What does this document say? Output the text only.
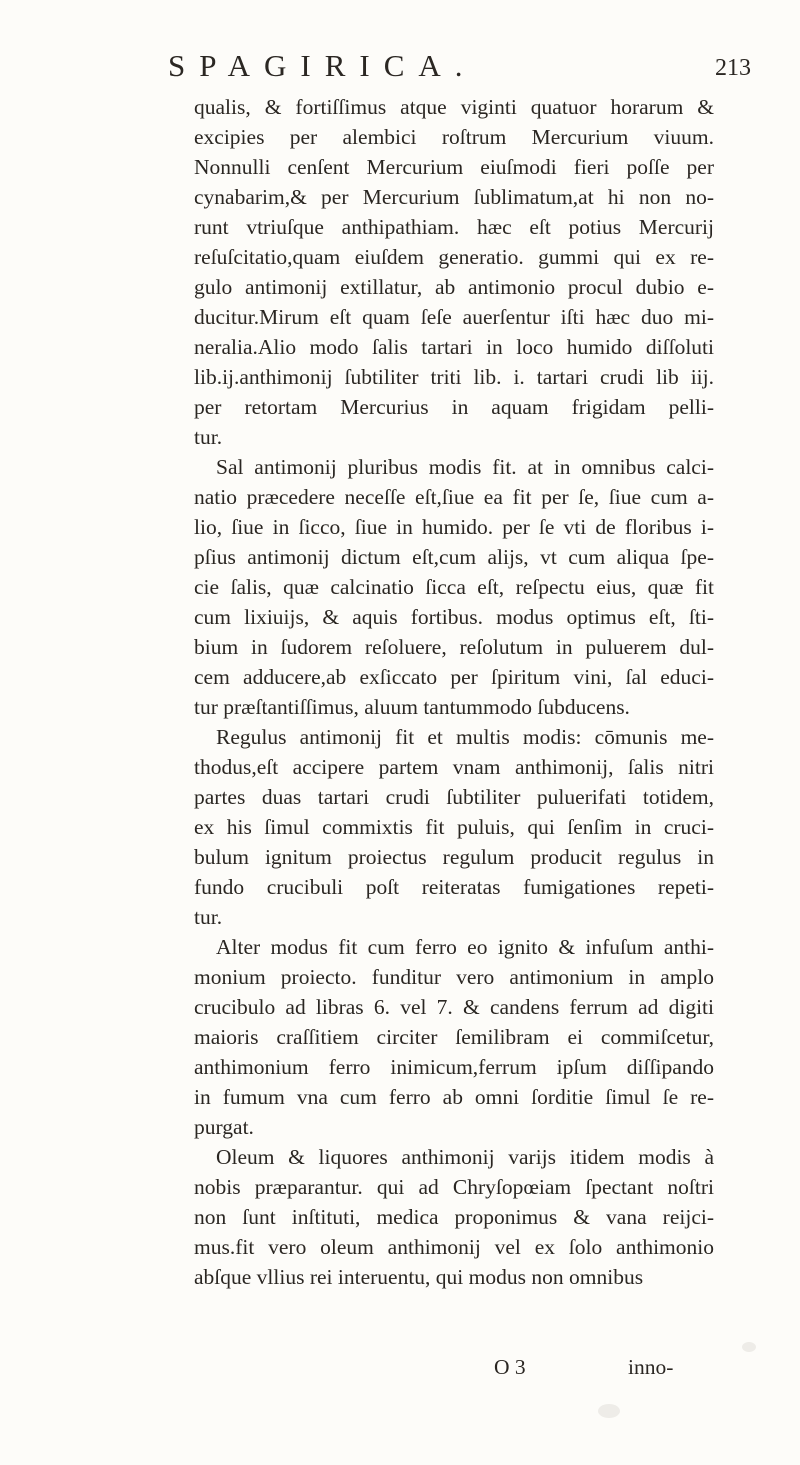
SPAGIRICA.	213
qualis, & fortiſſimus atque viginti quatuor horarum &
excipies per alembici roſtrum Mercurium viuum.
Nonnulli cenſent Mercurium eiuſmodi fieri poſſe per
cynabarim,& per Mercurium ſublimatum,at hi non no-
runt vtriuſque anthipathiam. hæc eſt potius Mercurij
reſuſcitatio,quam eiuſdem generatio. gummi qui ex re-
gulo antimonij extillatur, ab antimonio procul dubio e-
ducitur.Mirum eſt quam ſeſe auerſentur iſti hæc duo mi-
neralia.Alio modo ſalis tartari in loco humido diſſoluti
lib.ij.anthimonij ſubtiliter triti lib. i. tartari crudi lib iij.
per retortam Mercurius in aquam frigidam pelli-
tur.
Sal antimonij pluribus modis fit. at in omnibus calci-
natio præcedere neceſſe eſt,ſiue ea fit per ſe, ſiue cum a-
lio, ſiue in ſicco, ſiue in humido. per ſe vti de floribus i-
pſius antimonij dictum eſt,cum alijs, vt cum aliqua ſpe-
cie ſalis, quæ calcinatio ſicca eſt, reſpectu eius, quæ fit
cum lixiuijs, & aquis fortibus. modus optimus eſt, ſti-
bium in ſudorem reſoluere, reſolutum in puluerem dul-
cem adducere,ab exſiccato per ſpiritum vini, ſal educi-
tur præſtantiſſimus, aluum tantummodo ſubducens.
Regulus antimonij fit et multis modis: cōmunis me-
thodus,eſt accipere partem vnam anthimonij, ſalis nitri
partes duas tartari crudi ſubtiliter puluerifati totidem,
ex his ſimul commixtis fit puluis, qui ſenſim in cruci-
bulum ignitum proiectus regulum producit regulus in
fundo crucibuli poſt reiteratas fumigationes repeti-
tur.
Alter modus fit cum ferro eo ignito & infuſum anthi-
monium proiecto. funditur vero antimonium in amplo
crucibulo ad libras 6. vel 7. & candens ferrum ad digiti
maioris craſſitiem circiter ſemilibram ei commiſcetur,
anthimonium ferro inimicum,ferrum ipſum diſſipando
in fumum vna cum ferro ab omni ſorditie ſimul ſe re-
purgat.
Oleum & liquores anthimonij varijs itidem modis à
nobis præparantur. qui ad Chryſopœiam ſpectant noſtri
non ſunt inſtituti, medica proponimus & vana reijci-
mus.fit vero oleum anthimonij vel ex ſolo anthimonio
abſque vllius rei interuentu, qui modus non omnibus
O 3	inno-
